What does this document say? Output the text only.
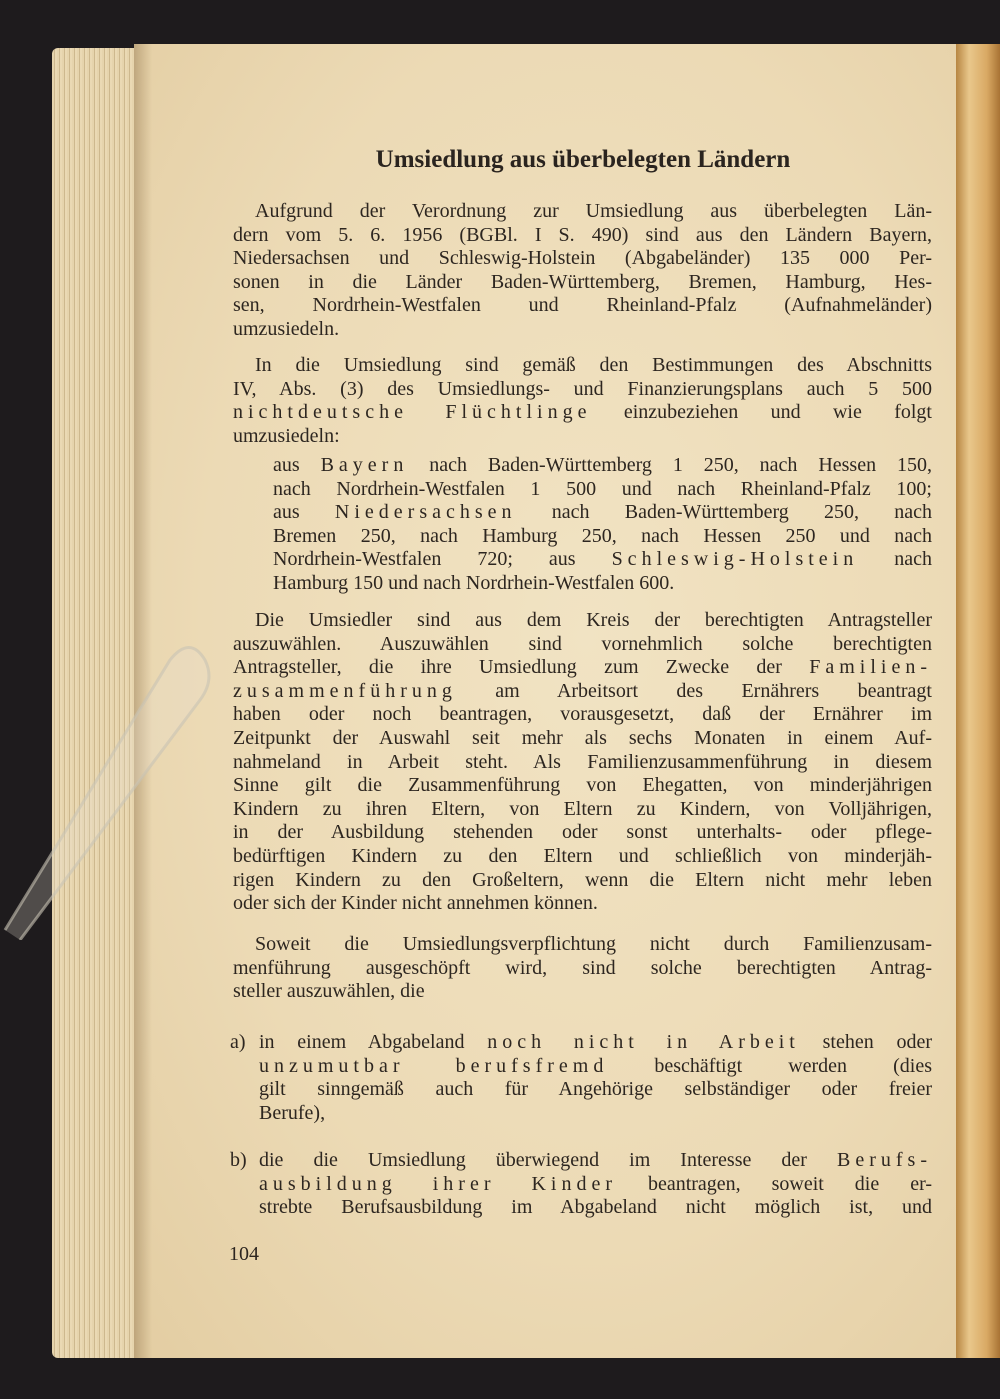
Umsiedlung aus überbelegten Ländern
Aufgrund der Verordnung zur Umsiedlung aus überbelegten Län-
dern vom 5. 6. 1956 (BGBl. I S. 490) sind aus den Ländern Bayern,
Niedersachsen und Schleswig-Holstein (Abgabeländer) 135 000 Per-
sonen in die Länder Baden-Württemberg, Bremen, Hamburg, Hes-
sen, Nordrhein-Westfalen und Rheinland-Pfalz (Aufnahmeländer)
umzusiedeln.
In die Umsiedlung sind gemäß den Bestimmungen des Abschnitts
IV, Abs. (3) des Umsiedlungs- und Finanzierungsplans auch 5 500
nichtdeutsche Flüchtlinge einzubeziehen und wie folgt
umzusiedeln:
aus Bayern nach Baden-Württemberg 1 250, nach Hessen 150,
nach Nordrhein-Westfalen 1 500 und nach Rheinland-Pfalz 100;
aus Niedersachsen nach Baden-Württemberg 250, nach
Bremen 250, nach Hamburg 250, nach Hessen 250 und nach
Nordrhein-Westfalen 720; aus Schleswig-Holstein nach
Hamburg 150 und nach Nordrhein-Westfalen 600.
Die Umsiedler sind aus dem Kreis der berechtigten Antragsteller
auszuwählen. Auszuwählen sind vornehmlich solche berechtigten
Antragsteller, die ihre Umsiedlung zum Zwecke der Familien-
zusammenführung am Arbeitsort des Ernährers beantragt
haben oder noch beantragen, vorausgesetzt, daß der Ernährer im
Zeitpunkt der Auswahl seit mehr als sechs Monaten in einem Auf-
nahmeland in Arbeit steht. Als Familienzusammenführung in diesem
Sinne gilt die Zusammenführung von Ehegatten, von minderjährigen
Kindern zu ihren Eltern, von Eltern zu Kindern, von Volljährigen,
in der Ausbildung stehenden oder sonst unterhalts- oder pflege-
bedürftigen Kindern zu den Eltern und schließlich von minderjäh-
rigen Kindern zu den Großeltern, wenn die Eltern nicht mehr leben
oder sich der Kinder nicht annehmen können.
Soweit die Umsiedlungsverpflichtung nicht durch Familienzusam-
menführung ausgeschöpft wird, sind solche berechtigten Antrag-
steller auszuwählen, die
a) in einem Abgabeland noch nicht in Arbeit stehen oder
unzumutbar berufsfremd beschäftigt werden (dies
gilt sinngemäß auch für Angehörige selbständiger oder freier
Berufe),
b) die die Umsiedlung überwiegend im Interesse der Berufs-
ausbildung ihrer Kinder beantragen, soweit die er-
strebte Berufsausbildung im Abgabeland nicht möglich ist, und
104
